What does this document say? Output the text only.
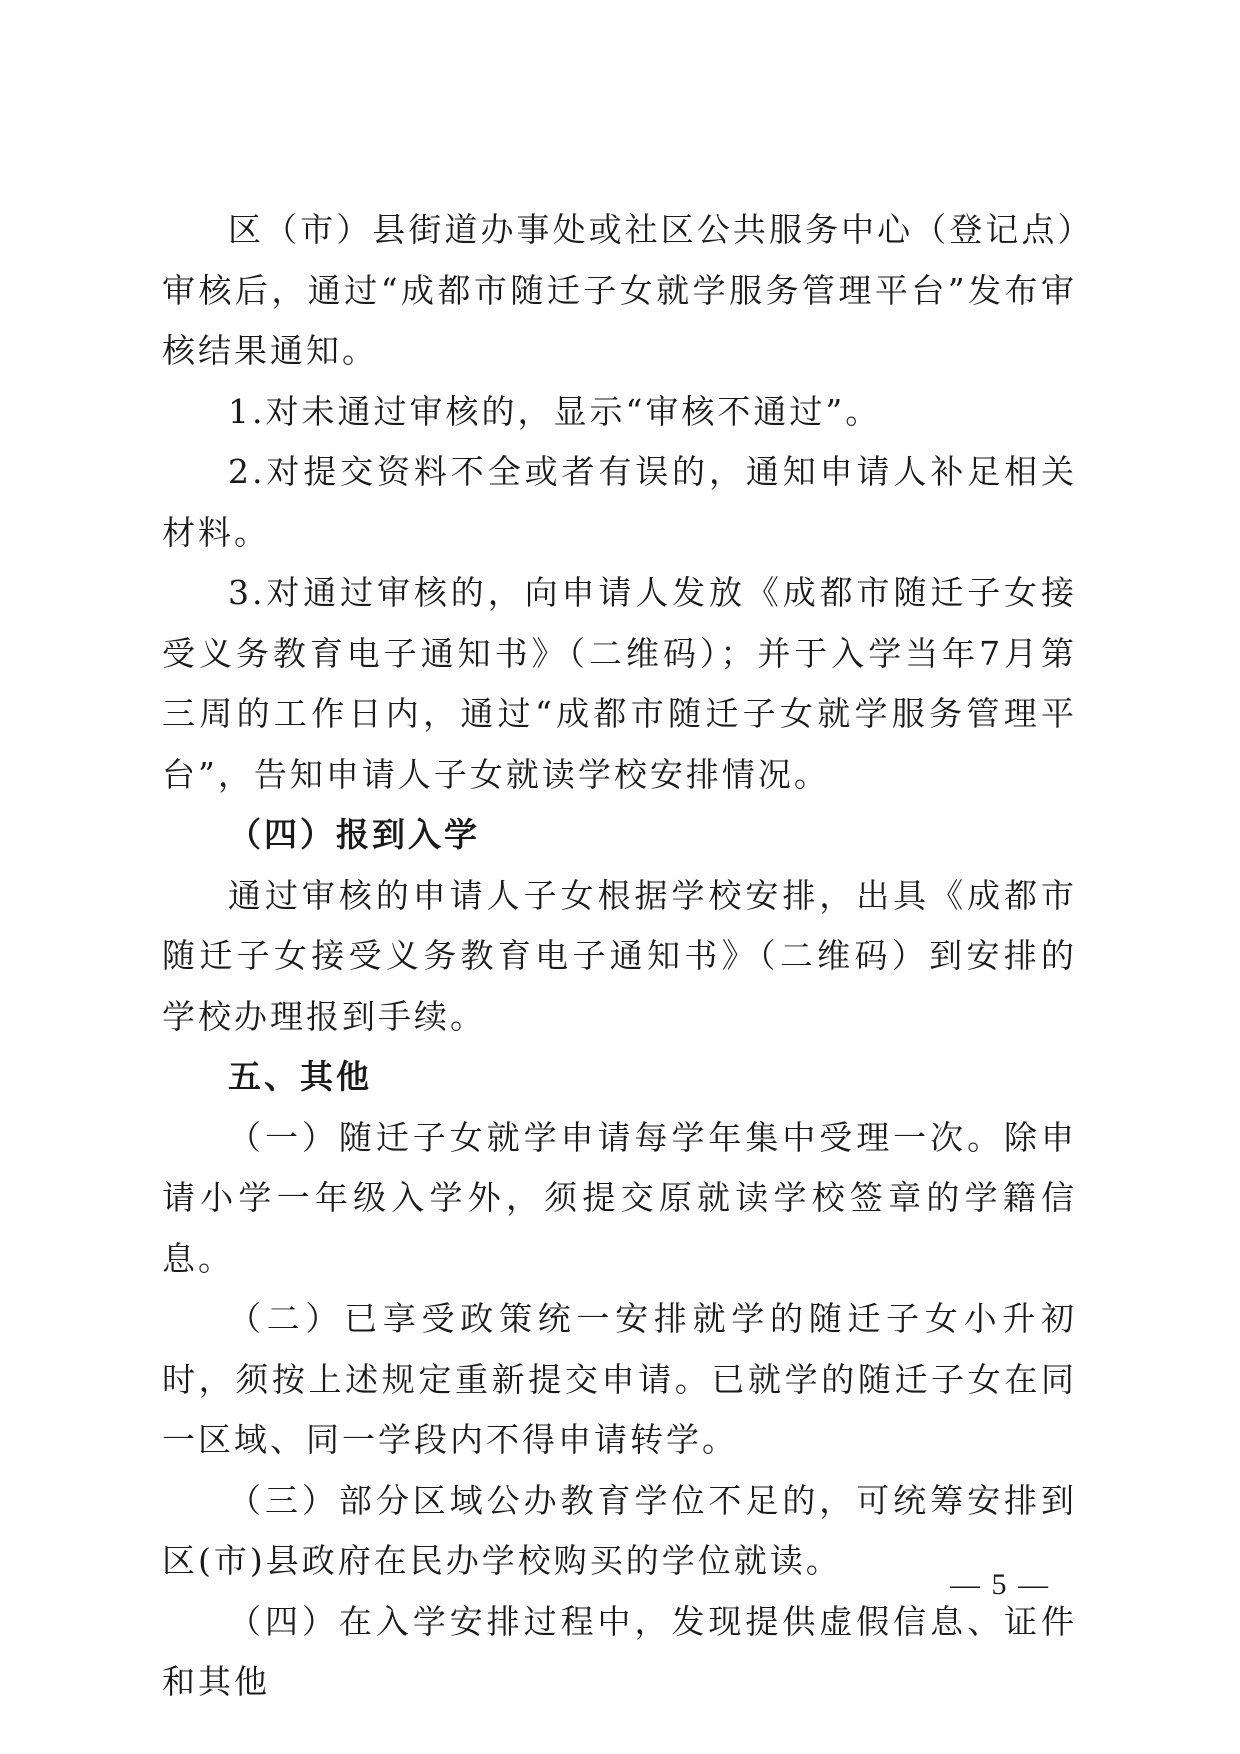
区（市）县街道办事处或社区公共服务中心（登记点）审核后，通过“成都市随迁子女就学服务管理平台”发布审核结果通知。

1.对未通过审核的，显示“审核不通过”。

2.对提交资料不全或者有误的，通知申请人补足相关材料。

3.对通过审核的，向申请人发放《成都市随迁子女接受义务教育电子通知书》（二维码）；并于入学当年7月第三周的工作日内，通过“成都市随迁子女就学服务管理平台”，告知申请人子女就读学校安排情况。

（四）报到入学

通过审核的申请人子女根据学校安排，出具《成都市随迁子女接受义务教育电子通知书》（二维码）到安排的学校办理报到手续。

五、其他

（一）随迁子女就学申请每学年集中受理一次。除申请小学一年级入学外，须提交原就读学校签章的学籍信息。

（二）已享受政策统一安排就学的随迁子女小升初时，须按上述规定重新提交申请。已就学的随迁子女在同一区域、同一学段内不得申请转学。

（三）部分区域公办教育学位不足的，可统筹安排到区(市)县政府在民办学校购买的学位就读。

（四）在入学安排过程中，发现提供虚假信息、证件和其他

— 5 —
